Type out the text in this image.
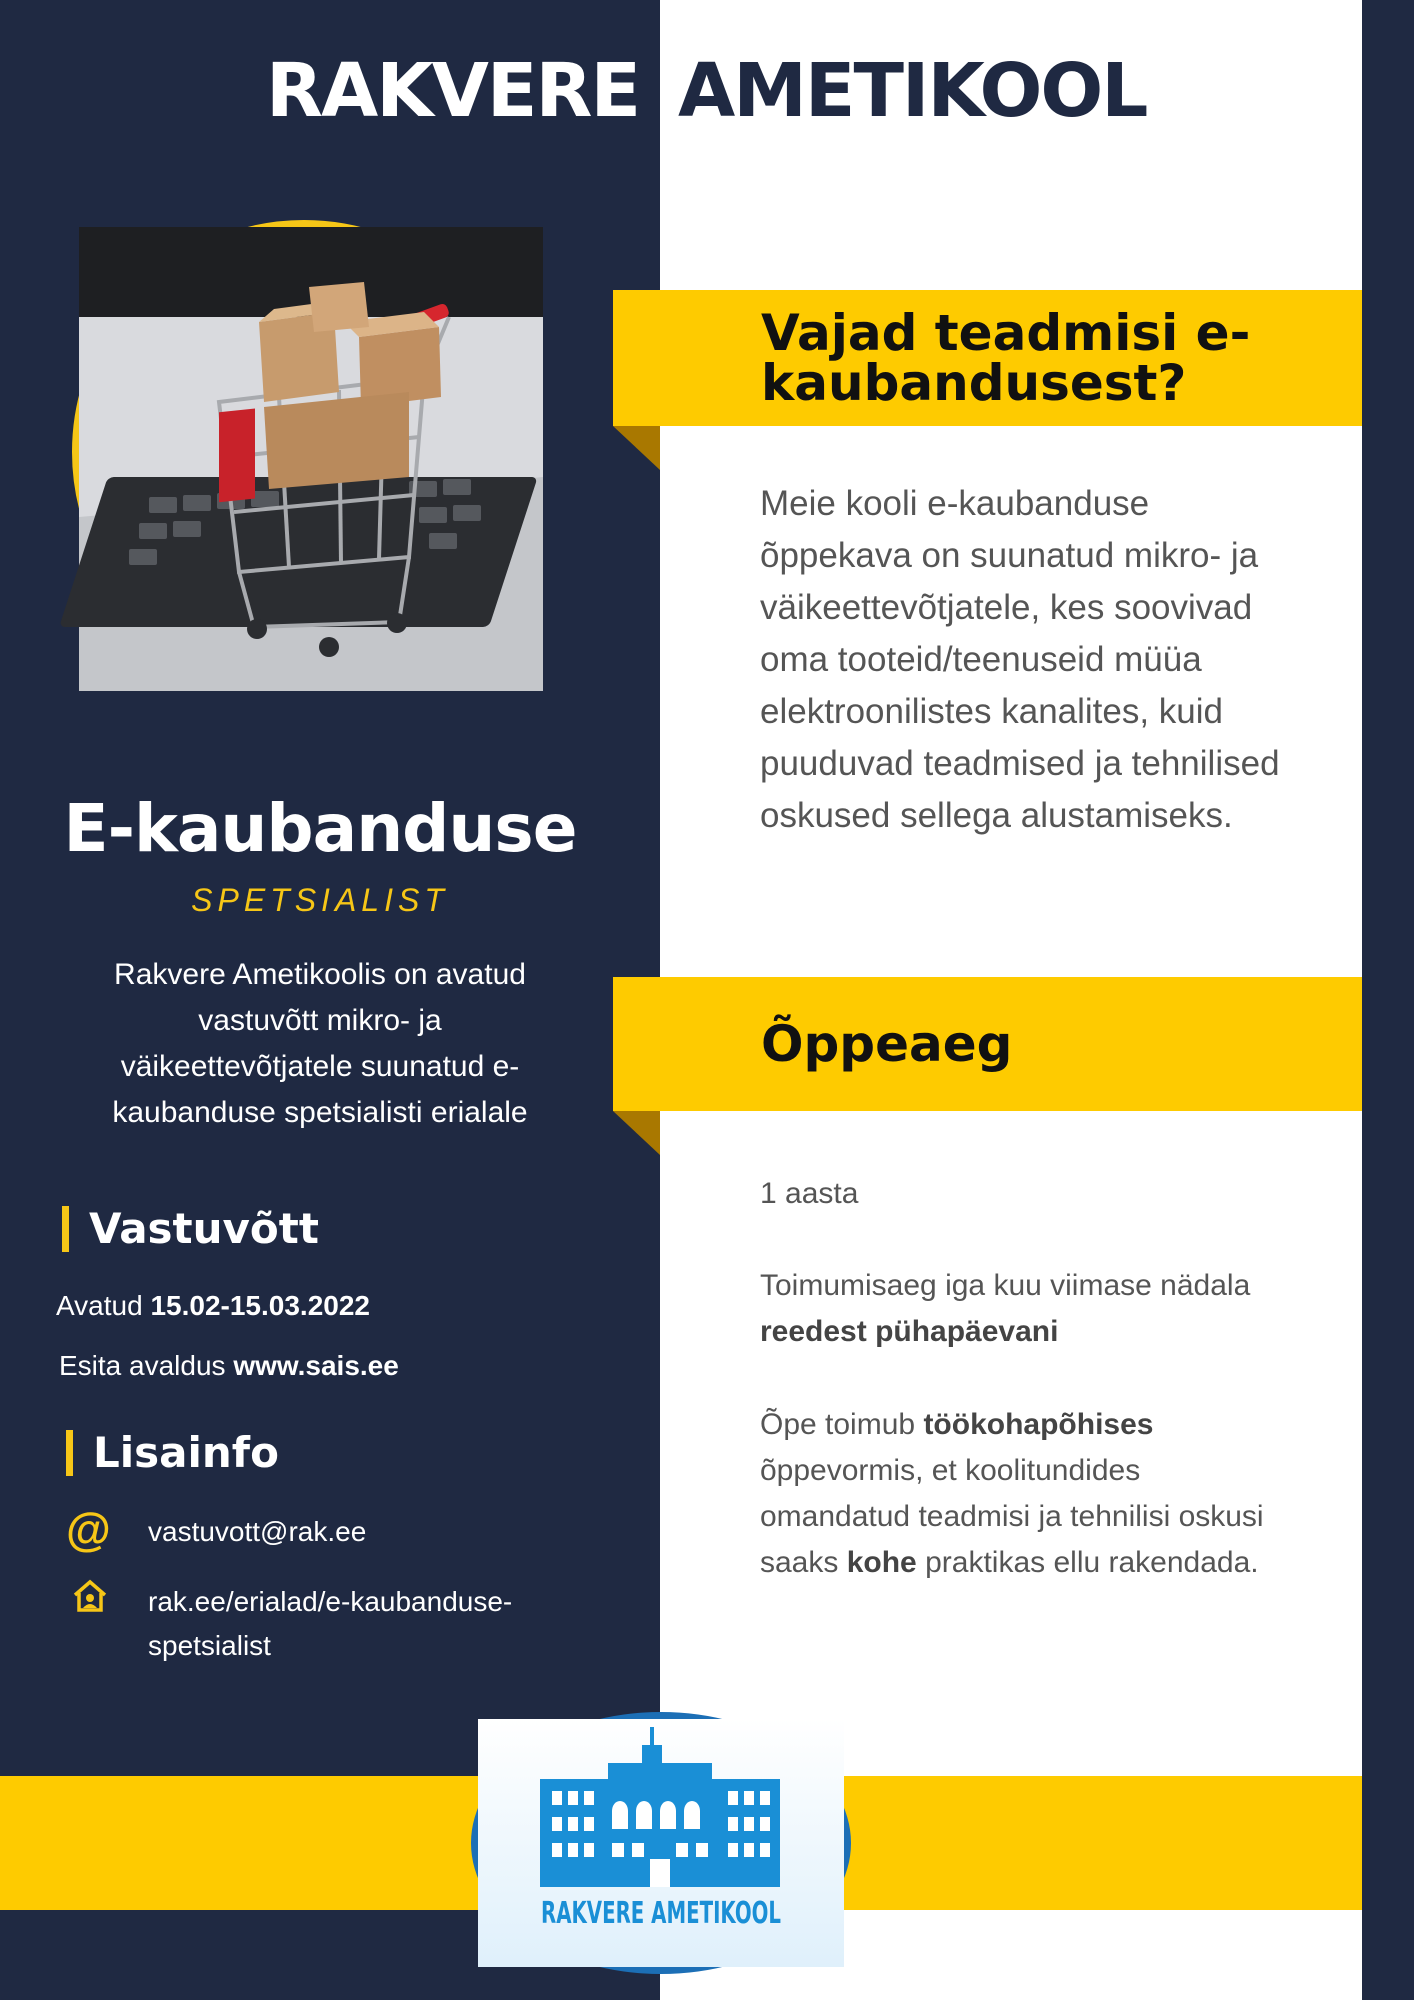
RAKVERE AMETIKOOL
E-kaubanduse
SPETSIALIST
Rakvere Ametikoolis on avatud vastuvõtt mikro- ja väikeettevõtjatele suunatud e-kaubanduse spetsialisti erialale
Vastuvõtt
Avatud 15.02-15.03.2022
Esita avaldus www.sais.ee
Lisainfo
@ vastuvott@rak.ee
rak.ee/erialad/e-kaubanduse-spetsialist
Vajad teadmisi e-kaubandusest?
Meie kooli e-kaubanduse õppekava on suunatud mikro- ja väikeettevõtjatele, kes soovivad oma tooteid/teenuseid müüa elektroonilistes kanalites, kuid puuduvad teadmised ja tehnilised oskused sellega alustamiseks.
Õppeaeg
1 aasta
Toimumisaeg iga kuu viimase nädala reedest pühapäevani
Õpe toimub töökohapõhises õppevormis, et koolitundides omandatud teadmisi ja tehnilisi oskusi saaks kohe praktikas ellu rakendada.
RAKVERE AMETIKOOL
